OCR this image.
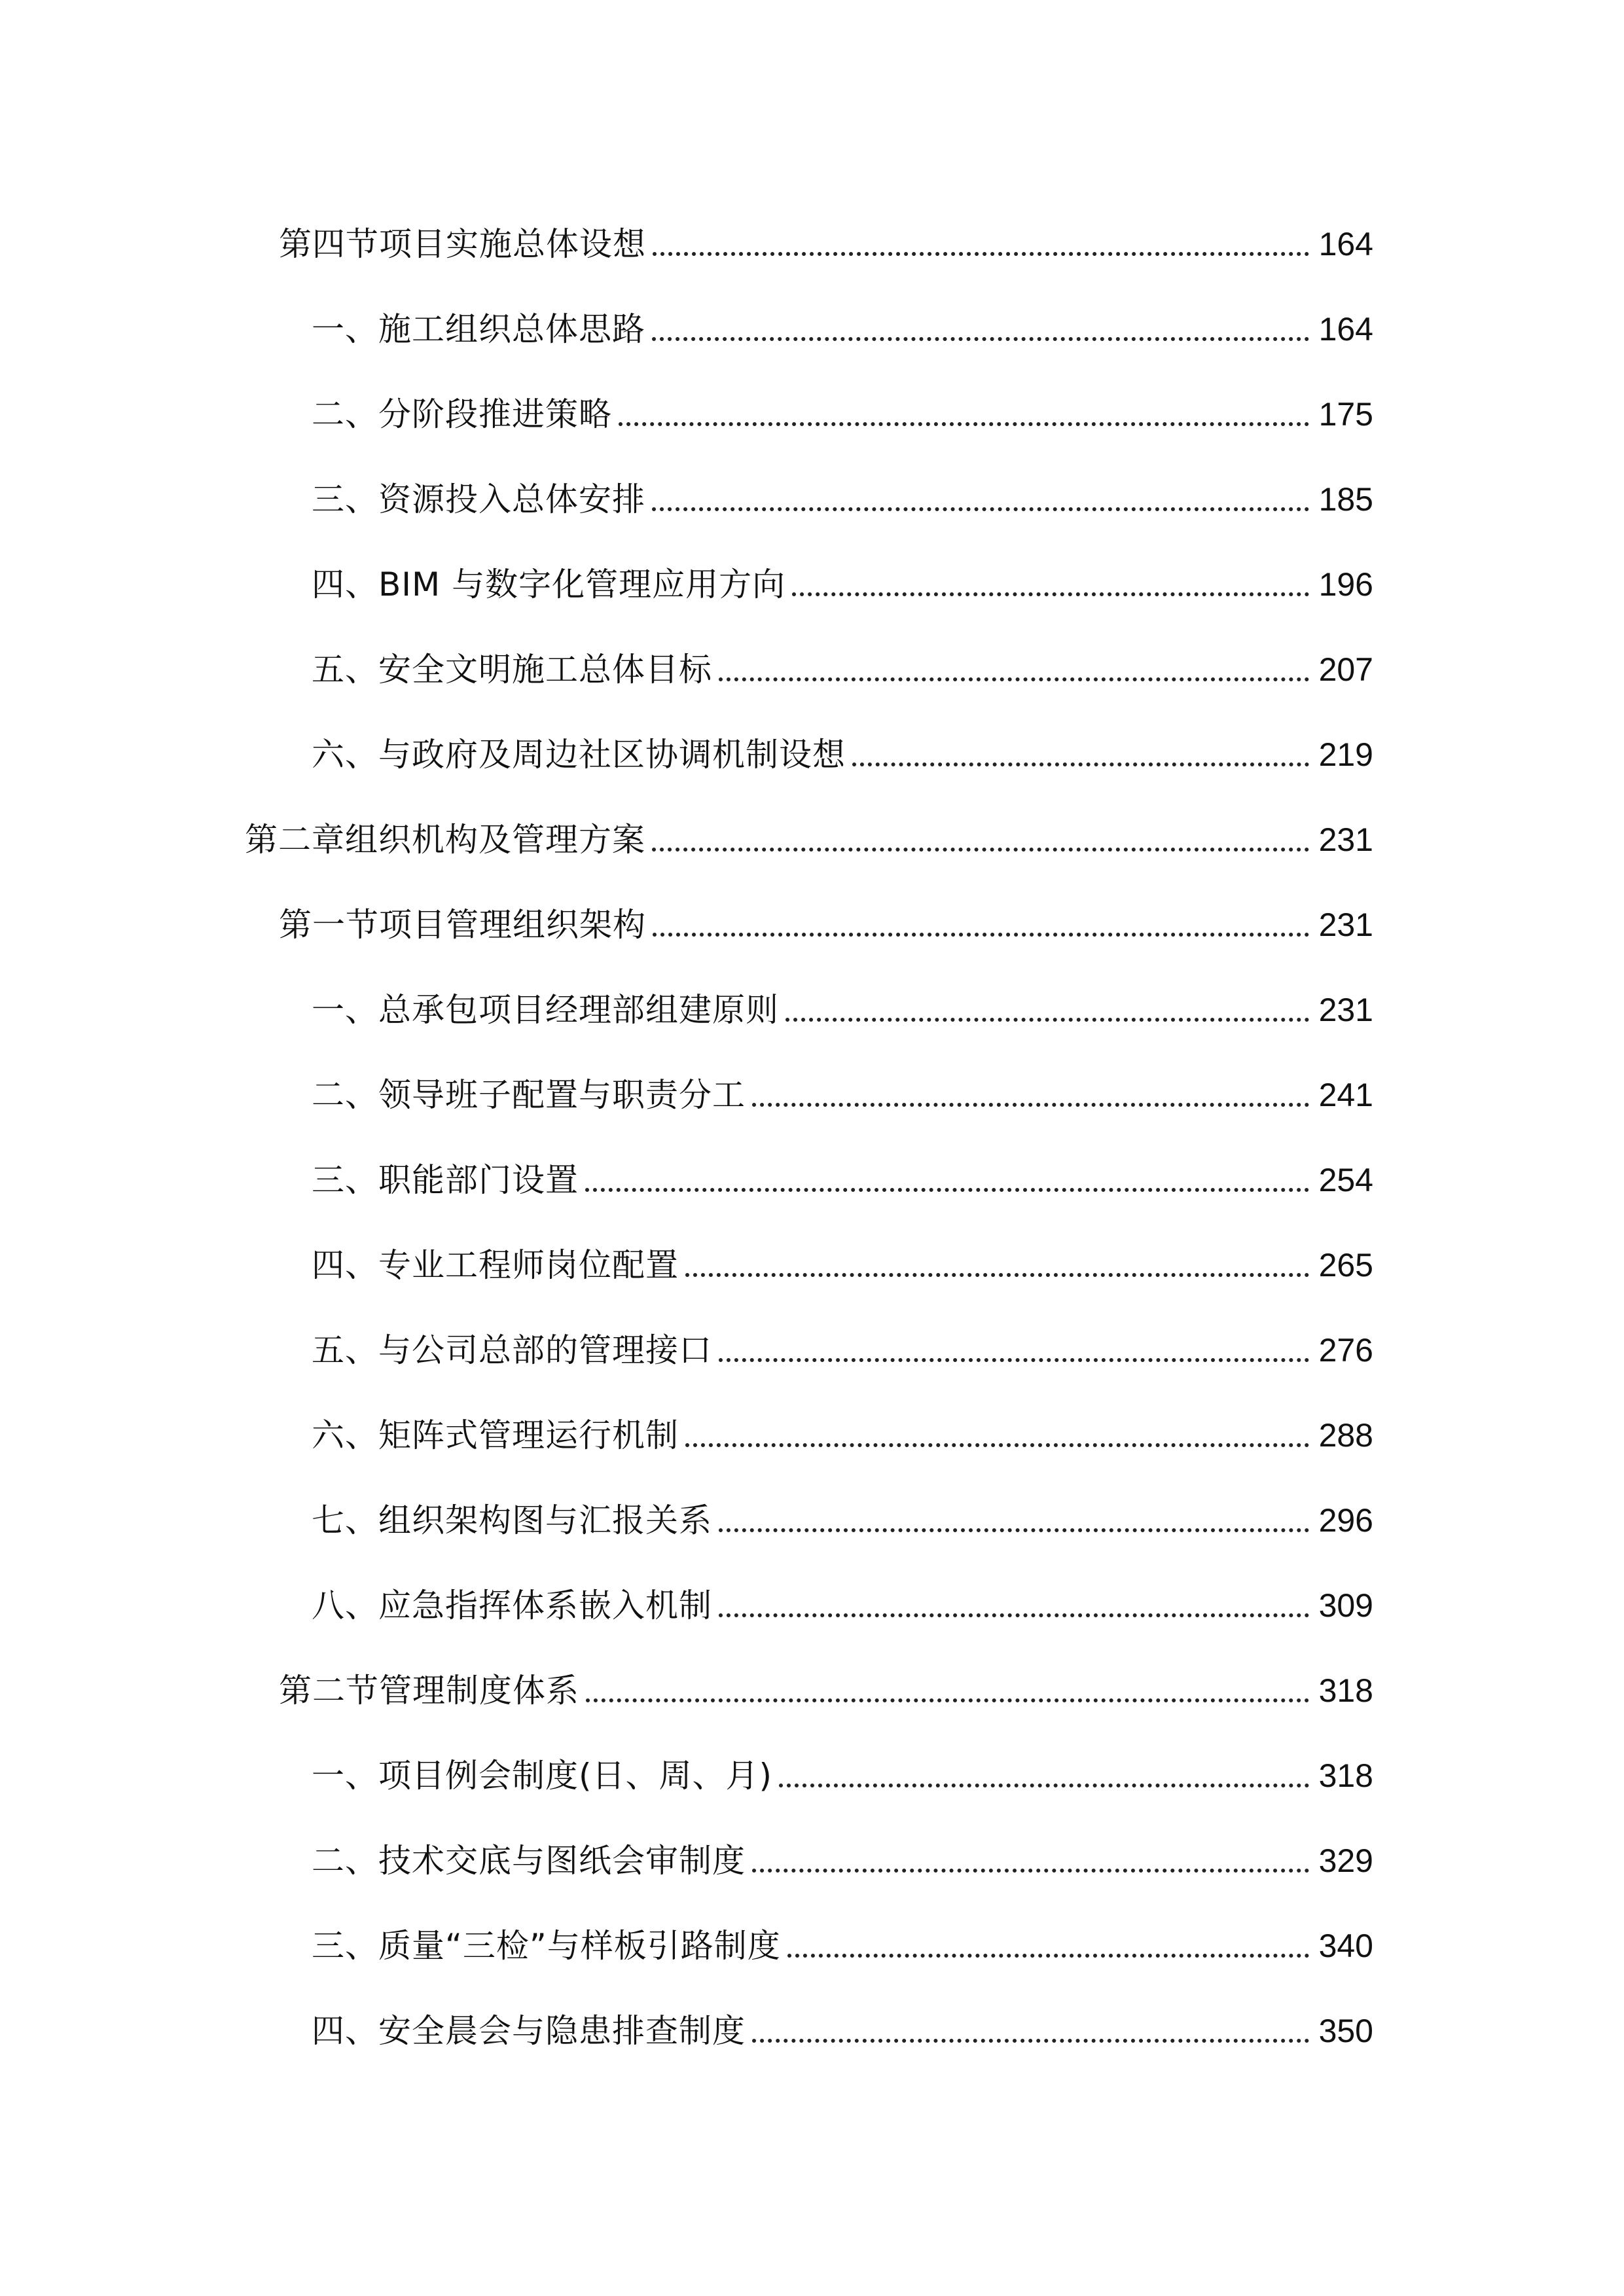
第四节项目实施总体设想	164
一、施工组织总体思路	164
二、分阶段推进策略	175
三、资源投入总体安排	185
四、BIM 与数字化管理应用方向	196
五、安全文明施工总体目标	207
六、与政府及周边社区协调机制设想	219
第二章组织机构及管理方案	231
第一节项目管理组织架构	231
一、总承包项目经理部组建原则	231
二、领导班子配置与职责分工	241
三、职能部门设置	254
四、专业工程师岗位配置	265
五、与公司总部的管理接口	276
六、矩阵式管理运行机制	288
七、组织架构图与汇报关系	296
八、应急指挥体系嵌入机制	309
第二节管理制度体系	318
一、项目例会制度(日、周、月)	318
二、技术交底与图纸会审制度	329
三、质量“三检”与样板引路制度	340
四、安全晨会与隐患排查制度	350
